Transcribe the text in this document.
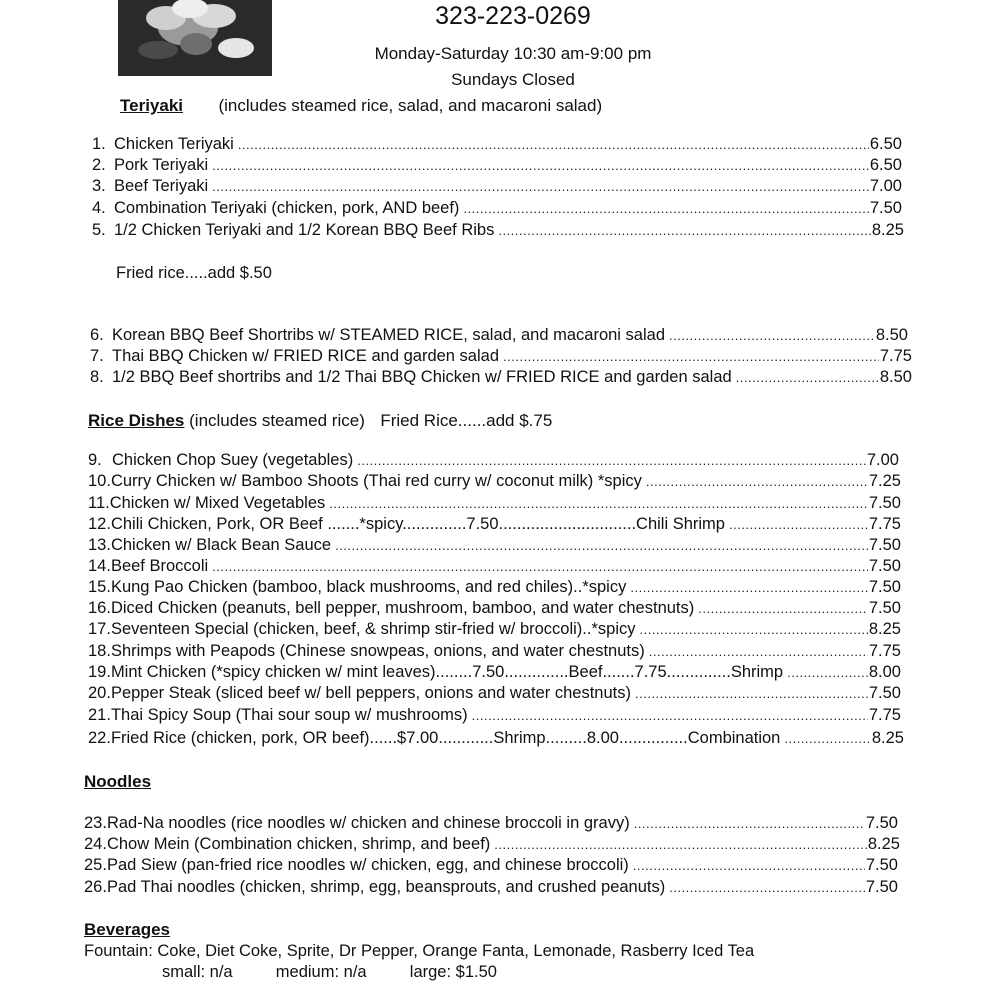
323-223-0269
Monday-Saturday 10:30 am-9:00 pm
Sundays Closed
Teriyaki (includes steamed rice, salad, and macaroni salad)
1. Chicken Teriyaki .....	6.50
2. Pork Teriyaki .....	6.50
3. Beef Teriyaki .....	7.00
4. Combination Teriyaki (chicken, pork, AND beef) .....	7.50
5. 1/2 Chicken Teriyaki and 1/2 Korean BBQ Beef Ribs .....	8.25
Fried rice.....add $.50
6. Korean BBQ Beef Shortribs w/ STEAMED RICE, salad, and macaroni salad .....	8.50
7. Thai BBQ Chicken w/ FRIED RICE and garden salad .....	7.75
8. 1/2 BBQ Beef shortribs and 1/2 Thai BBQ Chicken w/ FRIED RICE and garden salad .....	8.50
Rice Dishes (includes steamed rice) Fried Rice......add $.75
9. Chicken Chop Suey (vegetables) .....	7.00
10. Curry Chicken w/ Bamboo Shoots (Thai red curry w/ coconut milk) *spicy .....	7.25
11. Chicken w/ Mixed Vegetables .....	7.50
12. Chili Chicken, Pork, OR Beef .......*spicy..............7.50..............................Chili Shrimp .....	7.75
13. Chicken w/ Black Bean Sauce .....	7.50
14. Beef Broccoli .....	7.50
15. Kung Pao Chicken (bamboo, black mushrooms, and red chiles)..*spicy .....	7.50
16. Diced Chicken (peanuts, bell pepper, mushroom, bamboo, and water chestnuts) .....	7.50
17. Seventeen Special (chicken, beef, & shrimp stir-fried w/ broccoli)..*spicy .....	8.25
18. Shrimps with Peapods (Chinese snowpeas, onions, and water chestnuts) .....	7.75
19. Mint Chicken (*spicy chicken w/ mint leaves)........7.50..............Beef.......7.75..............Shrimp .....	8.00
20. Pepper Steak (sliced beef w/ bell peppers, onions and water chestnuts) .....	7.50
21. Thai Spicy Soup (Thai sour soup w/ mushrooms) .....	7.75
22. Fried Rice (chicken, pork, OR beef)......$7.00............Shrimp.........8.00...............Combination .....	8.25
Noodles
23. Rad-Na noodles (rice noodles w/ chicken and chinese broccoli in gravy) .....	7.50
24. Chow Mein (Combination chicken, shrimp, and beef) .....	8.25
25. Pad Siew (pan-fried rice noodles w/ chicken, egg, and chinese broccoli) .....	7.50
26. Pad Thai noodles (chicken, shrimp, egg, beansprouts, and crushed peanuts) .....	7.50
Beverages
Fountain: Coke, Diet Coke, Sprite, Dr Pepper, Orange Fanta, Lemonade, Rasberry Iced Tea
small: n/a	medium: n/a	large: $1.50
